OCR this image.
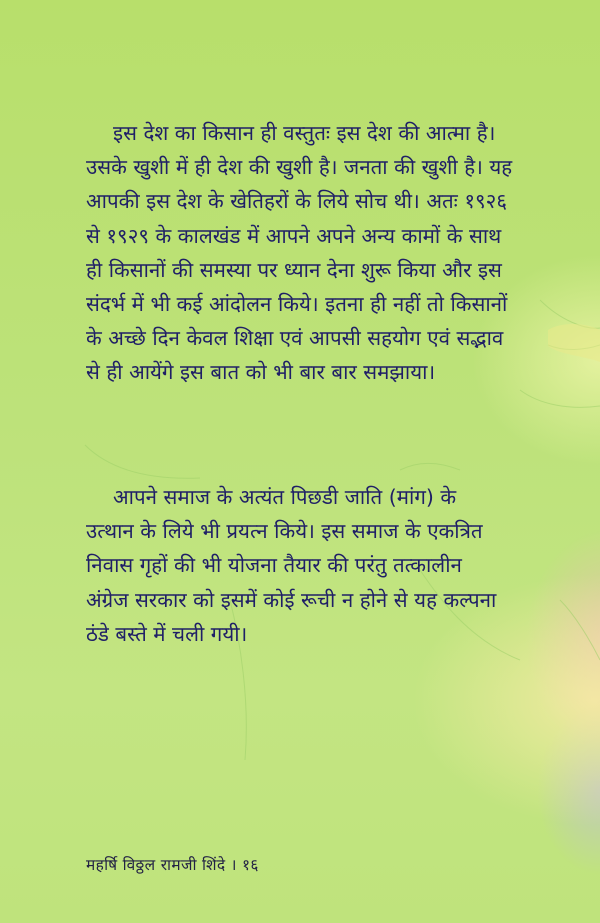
इस देश का किसान ही वस्तुतः इस देश की आत्मा है।
उसके खुशी में ही देश की खुशी है। जनता की खुशी है। यह
आपकी इस देश के खेतिहरों के लिये सोच थी। अतः १९२६
से १९२९ के कालखंड में आपने अपने अन्य कामों के साथ
ही किसानों की समस्या पर ध्यान देना शुरू किया और इस
संदर्भ में भी कई आंदोलन किये। इतना ही नहीं तो किसानों
के अच्छे दिन केवल शिक्षा एवं आपसी सहयोग एवं सद्भाव
से ही आयेंगे इस बात को भी बार बार समझाया।

आपने समाज के अत्यंत पिछडी जाति (मांग) के
उत्थान के लिये भी प्रयत्न किये। इस समाज के एकत्रित
निवास गृहों की भी योजना तैयार की परंतु तत्कालीन
अंग्रेज सरकार को इसमें कोई रूची न होने से यह कल्पना
ठंडे बस्ते में चली गयी।

महर्षि विठ्ठल रामजी शिंदे । १६
